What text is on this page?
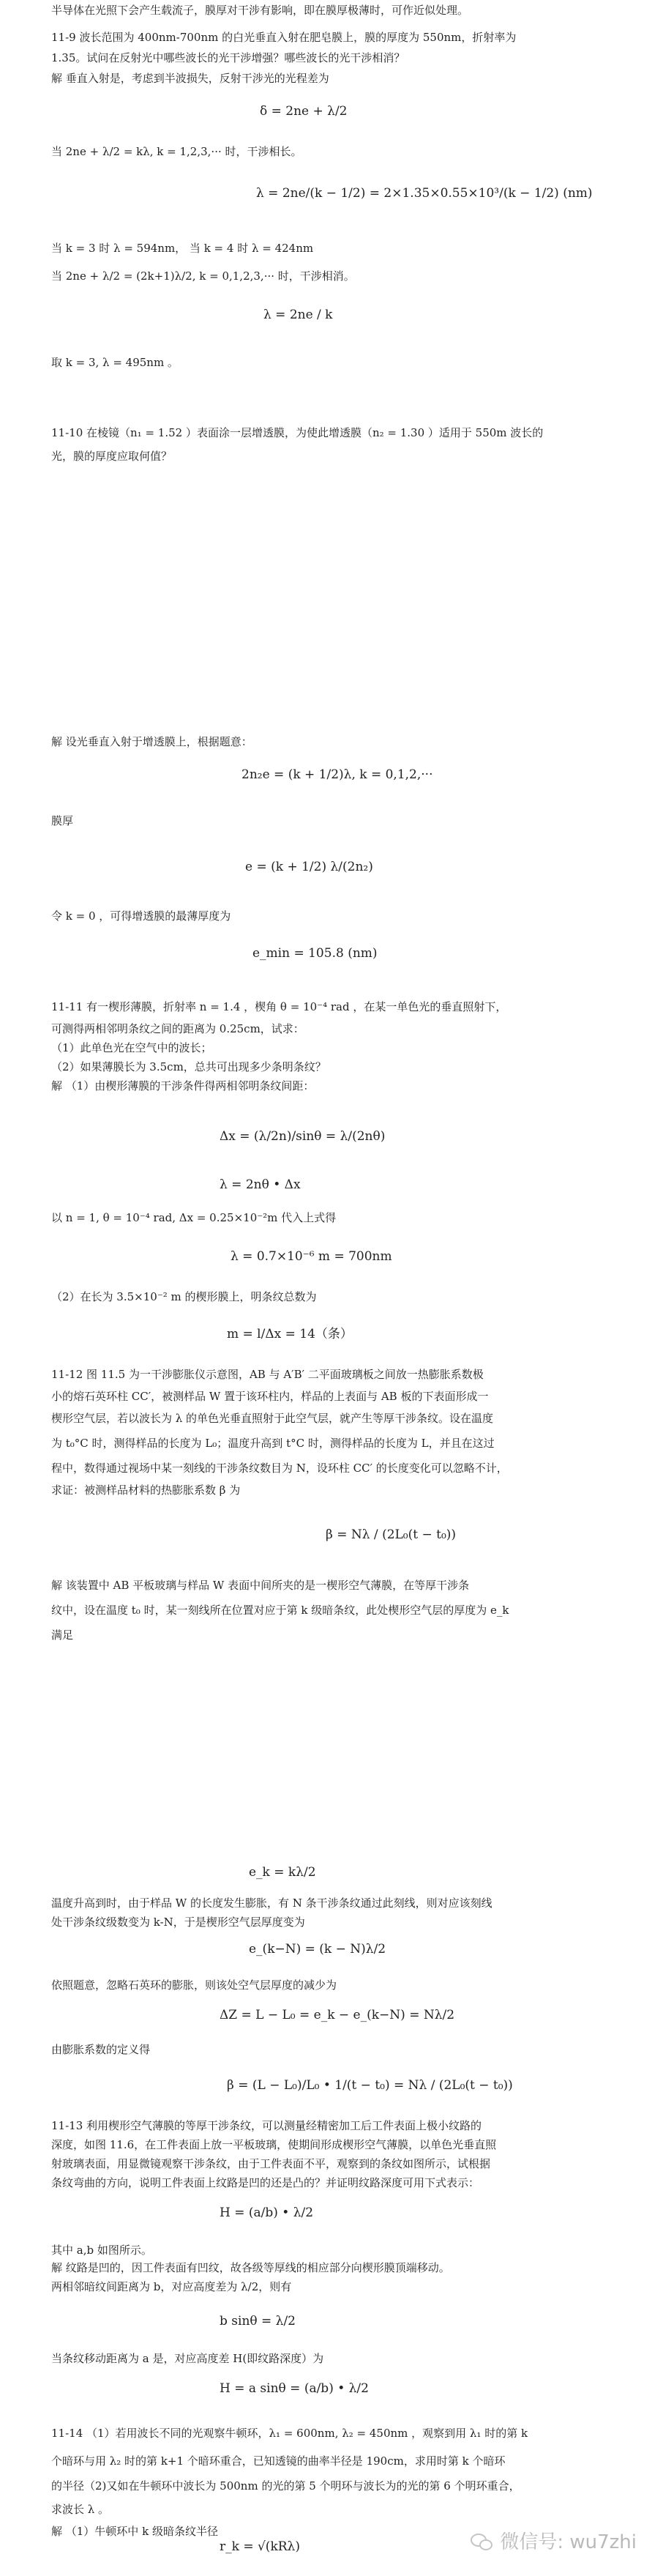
半导体在光照下会产生载流子，膜厚对干涉有影响，即在膜厚极薄时，可作近似处理。
11-9 波长范围为 400nm-700nm 的白光垂直入射在肥皂膜上，膜的厚度为 550nm，折射率为
1.35。试问在反射光中哪些波长的光干涉增强？哪些波长的光干涉相消？
解 垂直入射是，考虑到半波损失，反射干涉光的光程差为
δ = 2ne + λ/2
当 2ne + λ/2 = kλ, k = 1,2,3,··· 时，干涉相长。
λ = 2ne/(k − 1/2) = 2×1.35×0.55×10³/(k − 1/2) (nm)
当 k = 3 时 λ = 594nm， 当 k = 4 时 λ = 424nm
当 2ne + λ/2 = (2k+1)λ/2, k = 0,1,2,3,··· 时，干涉相消。
λ = 2ne / k
取 k = 3, λ = 495nm 。
11-10 在棱镜（n₁ = 1.52 ）表面涂一层增透膜，为使此增透膜（n₂ = 1.30 ）适用于 550m 波长的
光，膜的厚度应取何值？
解 设光垂直入射于增透膜上，根据题意：
2n₂e = (k + 1/2)λ, k = 0,1,2,···
膜厚
e = (k + 1/2) λ/(2n₂)
令 k = 0 ，可得增透膜的最薄厚度为
e_min = 105.8 (nm)
11-11 有一楔形薄膜，折射率 n = 1.4 ，楔角 θ = 10⁻⁴ rad ，在某一单色光的垂直照射下，
可测得两相邻明条纹之间的距离为 0.25cm，试求：
（1）此单色光在空气中的波长；
（2）如果薄膜长为 3.5cm，总共可出现多少条明条纹？
解 （1）由楔形薄膜的干涉条件得两相邻明条纹间距：
Δx = (λ/2n)/sinθ = λ/(2nθ)
λ = 2nθ • Δx
以 n = 1, θ = 10⁻⁴ rad, Δx = 0.25×10⁻²m 代入上式得
λ = 0.7×10⁻⁶ m = 700nm
（2）在长为 3.5×10⁻² m 的楔形膜上，明条纹总数为
m = l/Δx = 14（条）
11-12 图 11.5 为一干涉膨胀仪示意图，AB 与 A′B′ 二平面玻璃板之间放一热膨胀系数极
小的熔石英环柱 CC′，被测样品 W 置于该环柱内，样品的上表面与 AB 板的下表面形成一
楔形空气层，若以波长为 λ 的单色光垂直照射于此空气层，就产生等厚干涉条纹。设在温度
为 t₀°C 时，测得样品的长度为 L₀；温度升高到 t°C 时，测得样品的长度为 L，并且在这过
程中，数得通过视场中某一刻线的干涉条纹数目为 N，设环柱 CC′ 的长度变化可以忽略不计，
求证：被测样品材料的热膨胀系数 β 为
β = Nλ / (2L₀(t − t₀))
解 该装置中 AB 平板玻璃与样品 W 表面中间所夹的是一楔形空气薄膜，在等厚干涉条
纹中，设在温度 t₀ 时，某一刻线所在位置对应于第 k 级暗条纹，此处楔形空气层的厚度为 e_k
满足
e_k = kλ/2
温度升高到时，由于样品 W 的长度发生膨胀，有 N 条干涉条纹通过此刻线，则对应该刻线
处干涉条纹级数变为 k-N，于是楔形空气层厚度变为
e_(k−N) = (k − N)λ/2
依照题意，忽略石英环的膨胀，则该处空气层厚度的减少为
ΔZ = L − L₀ = e_k − e_(k−N) = Nλ/2
由膨胀系数的定义得
β = (L − L₀)/L₀ • 1/(t − t₀) = Nλ / (2L₀(t − t₀))
11-13 利用楔形空气薄膜的等厚干涉条纹，可以测量经精密加工后工件表面上极小纹路的
深度，如图 11.6，在工件表面上放一平板玻璃，使期间形成楔形空气薄膜，以单色光垂直照
射玻璃表面，用显微镜观察干涉条纹，由于工件表面不平，观察到的条纹如图所示，试根据
条纹弯曲的方向，说明工件表面上纹路是凹的还是凸的？并证明纹路深度可用下式表示：
H = (a/b) • λ/2
其中 a,b 如图所示。
解 纹路是凹的，因工件表面有凹纹，故各级等厚线的相应部分向楔形膜顶端移动。
两相邻暗纹间距离为 b，对应高度差为 λ/2，则有
b sinθ = λ/2
当条纹移动距离为 a 是，对应高度差 H(即纹路深度）为
H = a sinθ = (a/b) • λ/2
11-14 （1）若用波长不同的光观察牛顿环，λ₁ = 600nm, λ₂ = 450nm ，观察到用 λ₁ 时的第 k
个暗环与用 λ₂ 时的第 k+1 个暗环重合，已知透镜的曲率半径是 190cm，求用时第 k 个暗环
的半径（2)又如在牛顿环中波长为 500nm 的光的第 5 个明环与波长为的光的第 6 个明环重合，
求波长 λ 。
解 （1）牛顿环中 k 级暗条纹半径
r_k = √(kRλ)	微信号: wu7zhi
